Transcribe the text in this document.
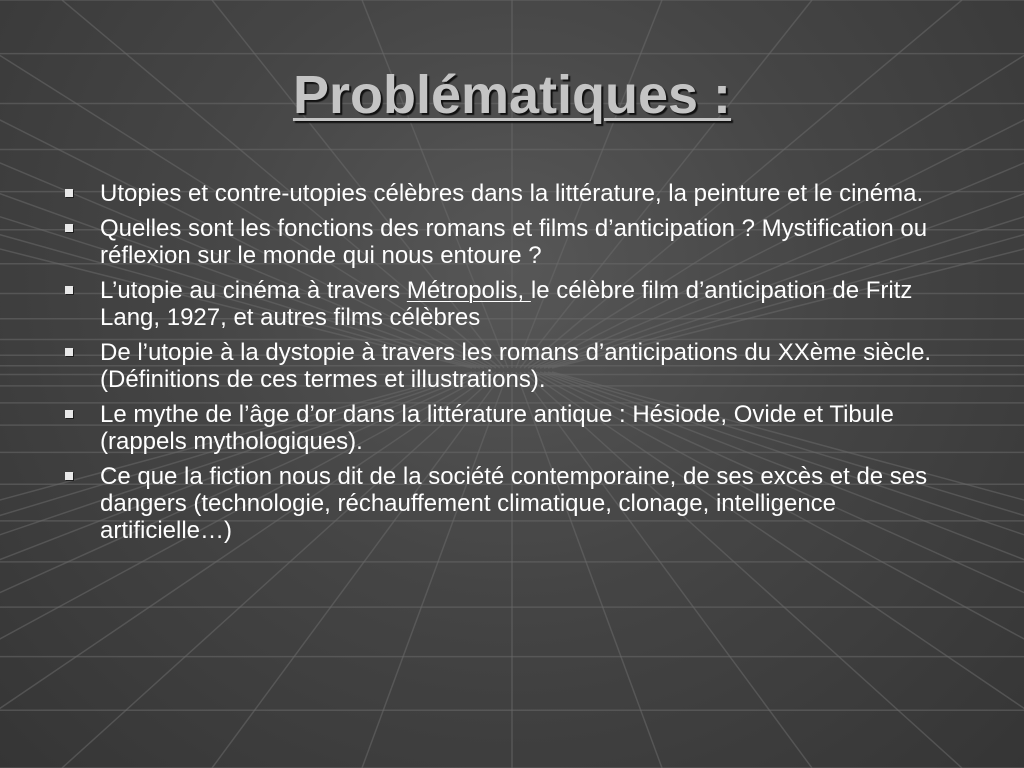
Problématiques :
Utopies et contre-utopies célèbres dans la littérature, la peinture et le cinéma.
Quelles sont les fonctions des romans et films d’anticipation ? Mystification ou réflexion sur le monde qui nous entoure ?
L’utopie au cinéma à travers Métropolis, le célèbre film d’anticipation de Fritz Lang, 1927, et autres films célèbres
De l’utopie à la dystopie à travers les romans d’anticipations du XXème siècle. (Définitions de ces termes et illustrations).
Le mythe de l’âge d’or dans la littérature antique : Hésiode, Ovide et Tibule (rappels mythologiques).
Ce que la fiction nous dit de la société contemporaine, de ses excès et de ses dangers (technologie, réchauffement climatique, clonage, intelligence artificielle…)
